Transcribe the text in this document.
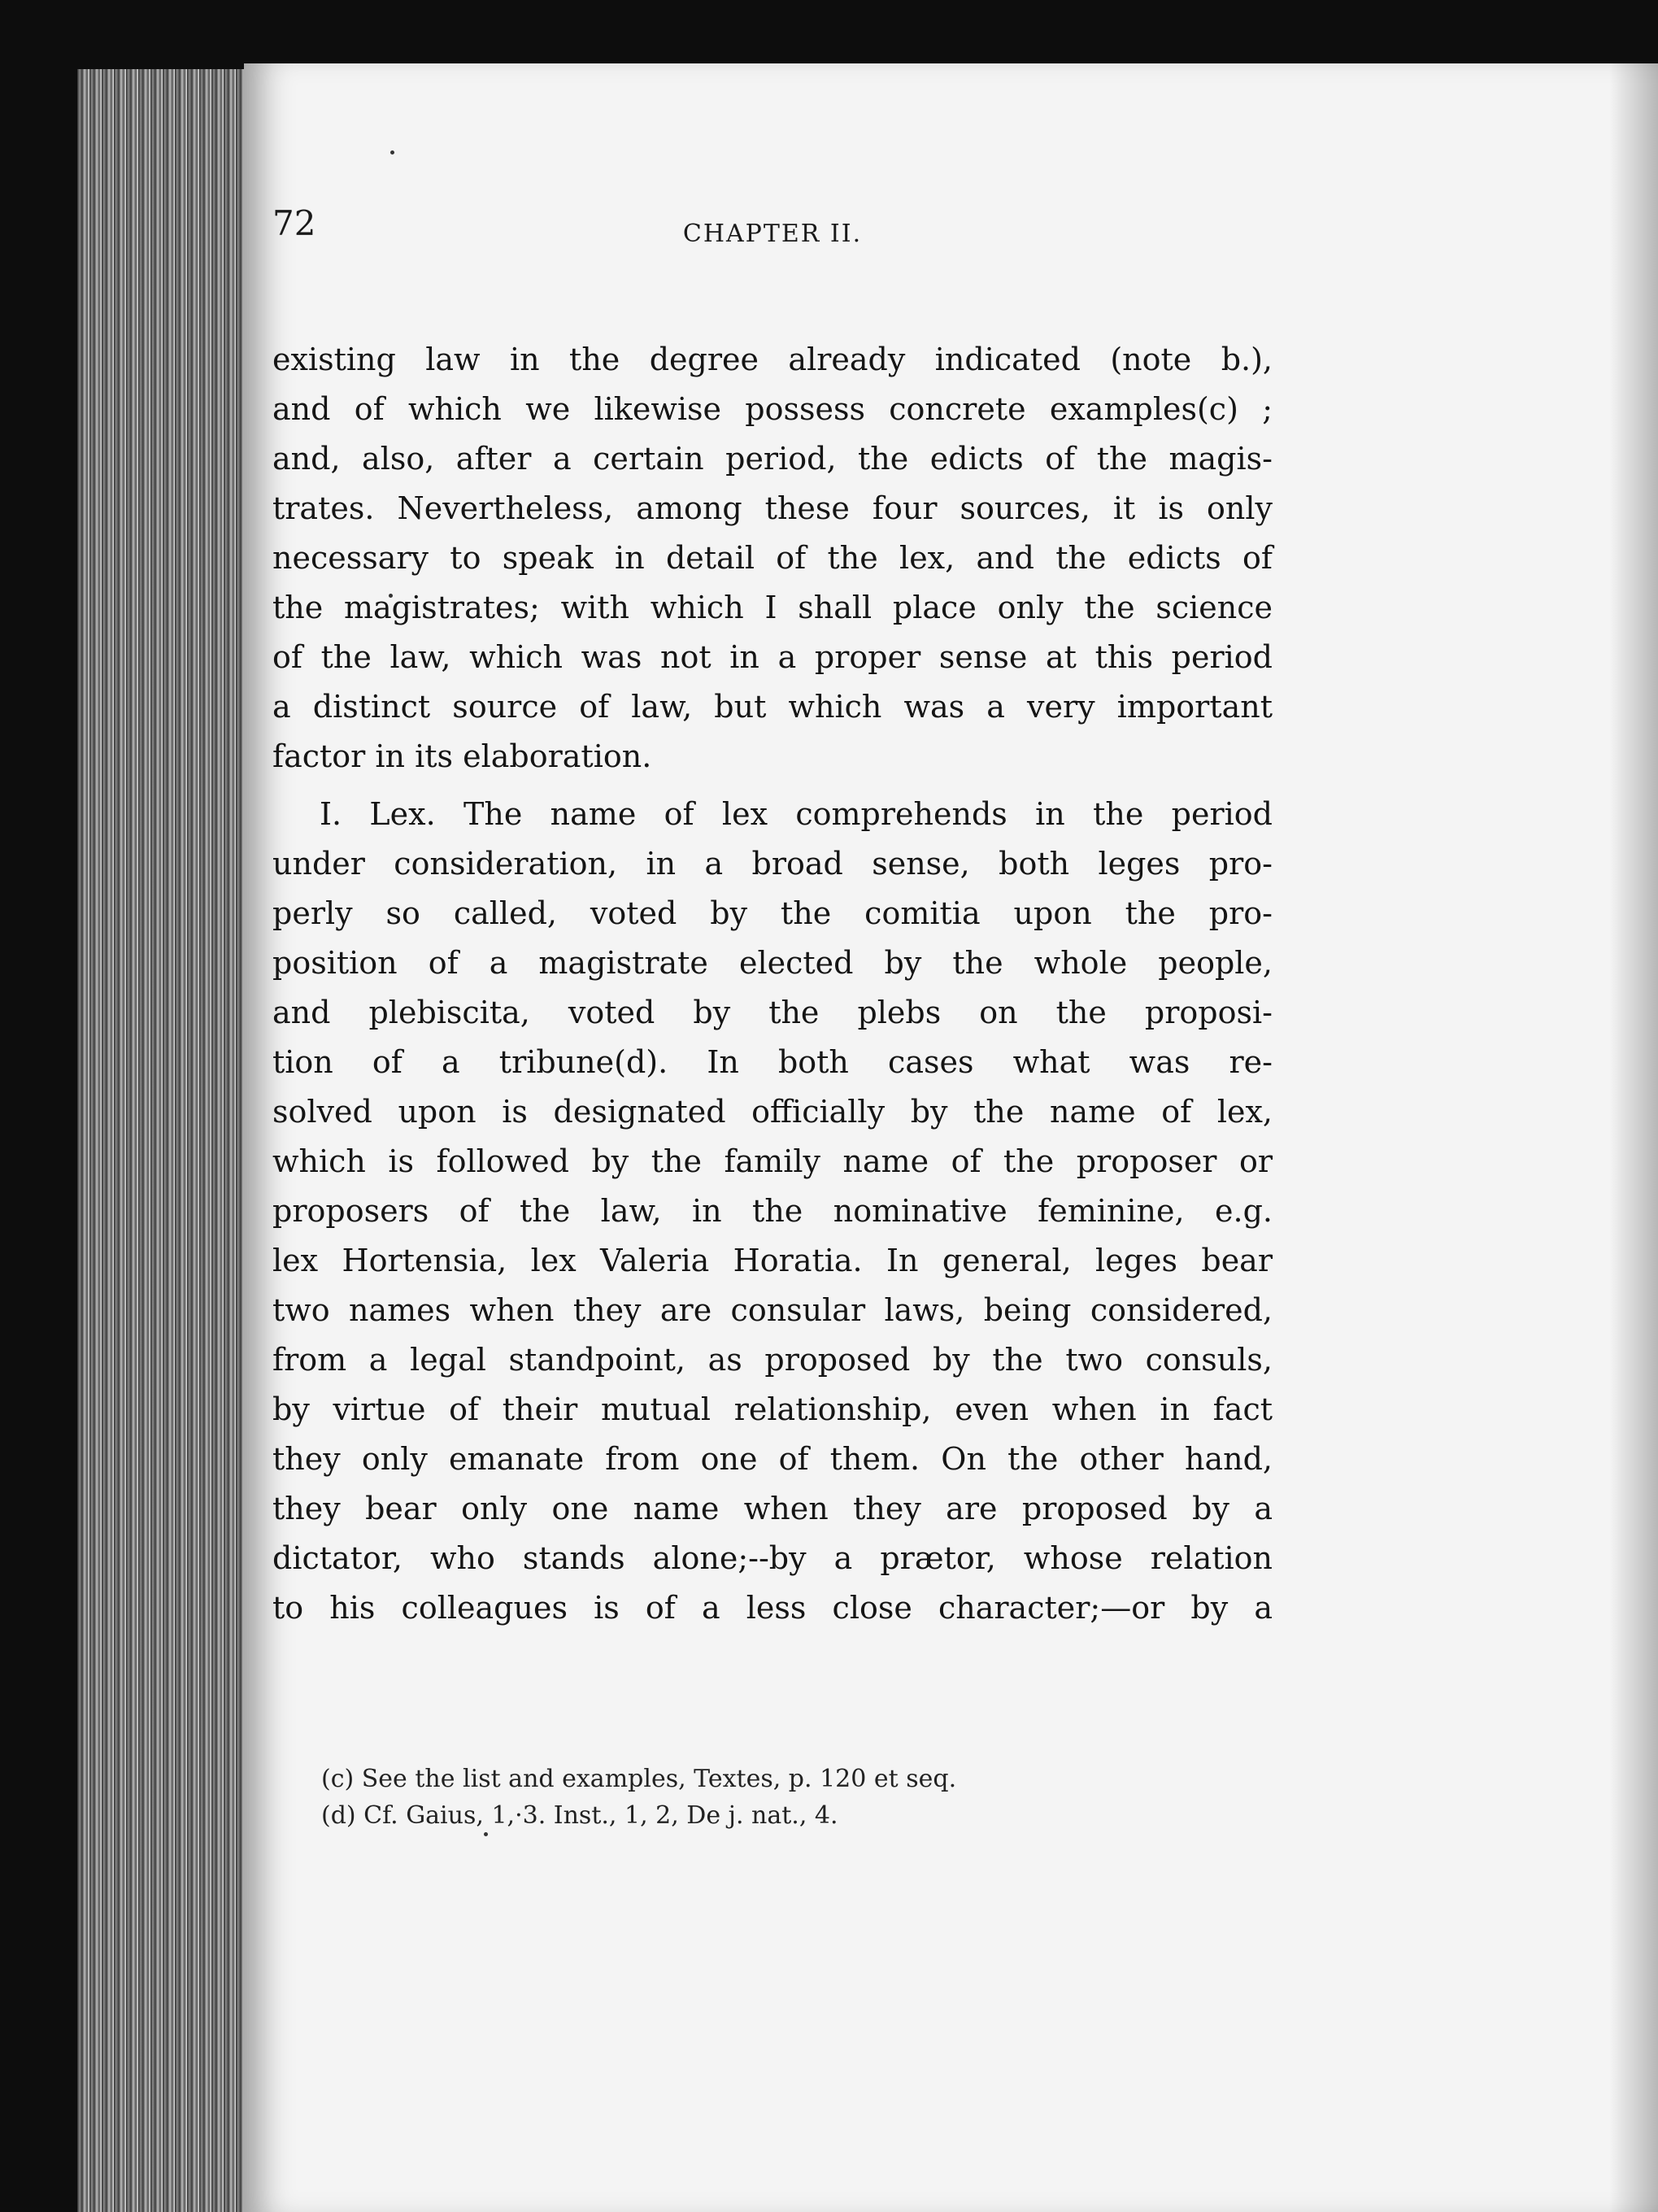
72	CHAPTER II.
existing law in the degree already indicated (note b.),
and of which we likewise possess concrete examples(c) ;
and, also, after a certain period, the edicts of the magis-
trates. Nevertheless, among these four sources, it is only
necessary to speak in detail of the lex, and the edicts of
the magistrates; with which I shall place only the science
of the law, which was not in a proper sense at this period
a distinct source of law, but which was a very important
factor in its elaboration.
I. Lex. The name of lex comprehends in the period
under consideration, in a broad sense, both leges pro-
perly so called, voted by the comitia upon the pro-
position of a magistrate elected by the whole people,
and plebiscita, voted by the plebs on the proposi-
tion of a tribune(d). In both cases what was re-
solved upon is designated officially by the name of lex,
which is followed by the family name of the proposer or
proposers of the law, in the nominative feminine, e.g.
lex Hortensia, lex Valeria Horatia. In general, leges bear
two names when they are consular laws, being considered,
from a legal standpoint, as proposed by the two consuls,
by virtue of their mutual relationship, even when in fact
they only emanate from one of them. On the other hand,
they bear only one name when they are proposed by a
dictator, who stands alone;--by a prætor, whose relation
to his colleagues is of a less close character;—or by a
(c) See the list and examples, Textes, p. 120 et seq.
(d) Cf. Gaius, 1,·3. Inst., 1, 2, De j. nat., 4.
